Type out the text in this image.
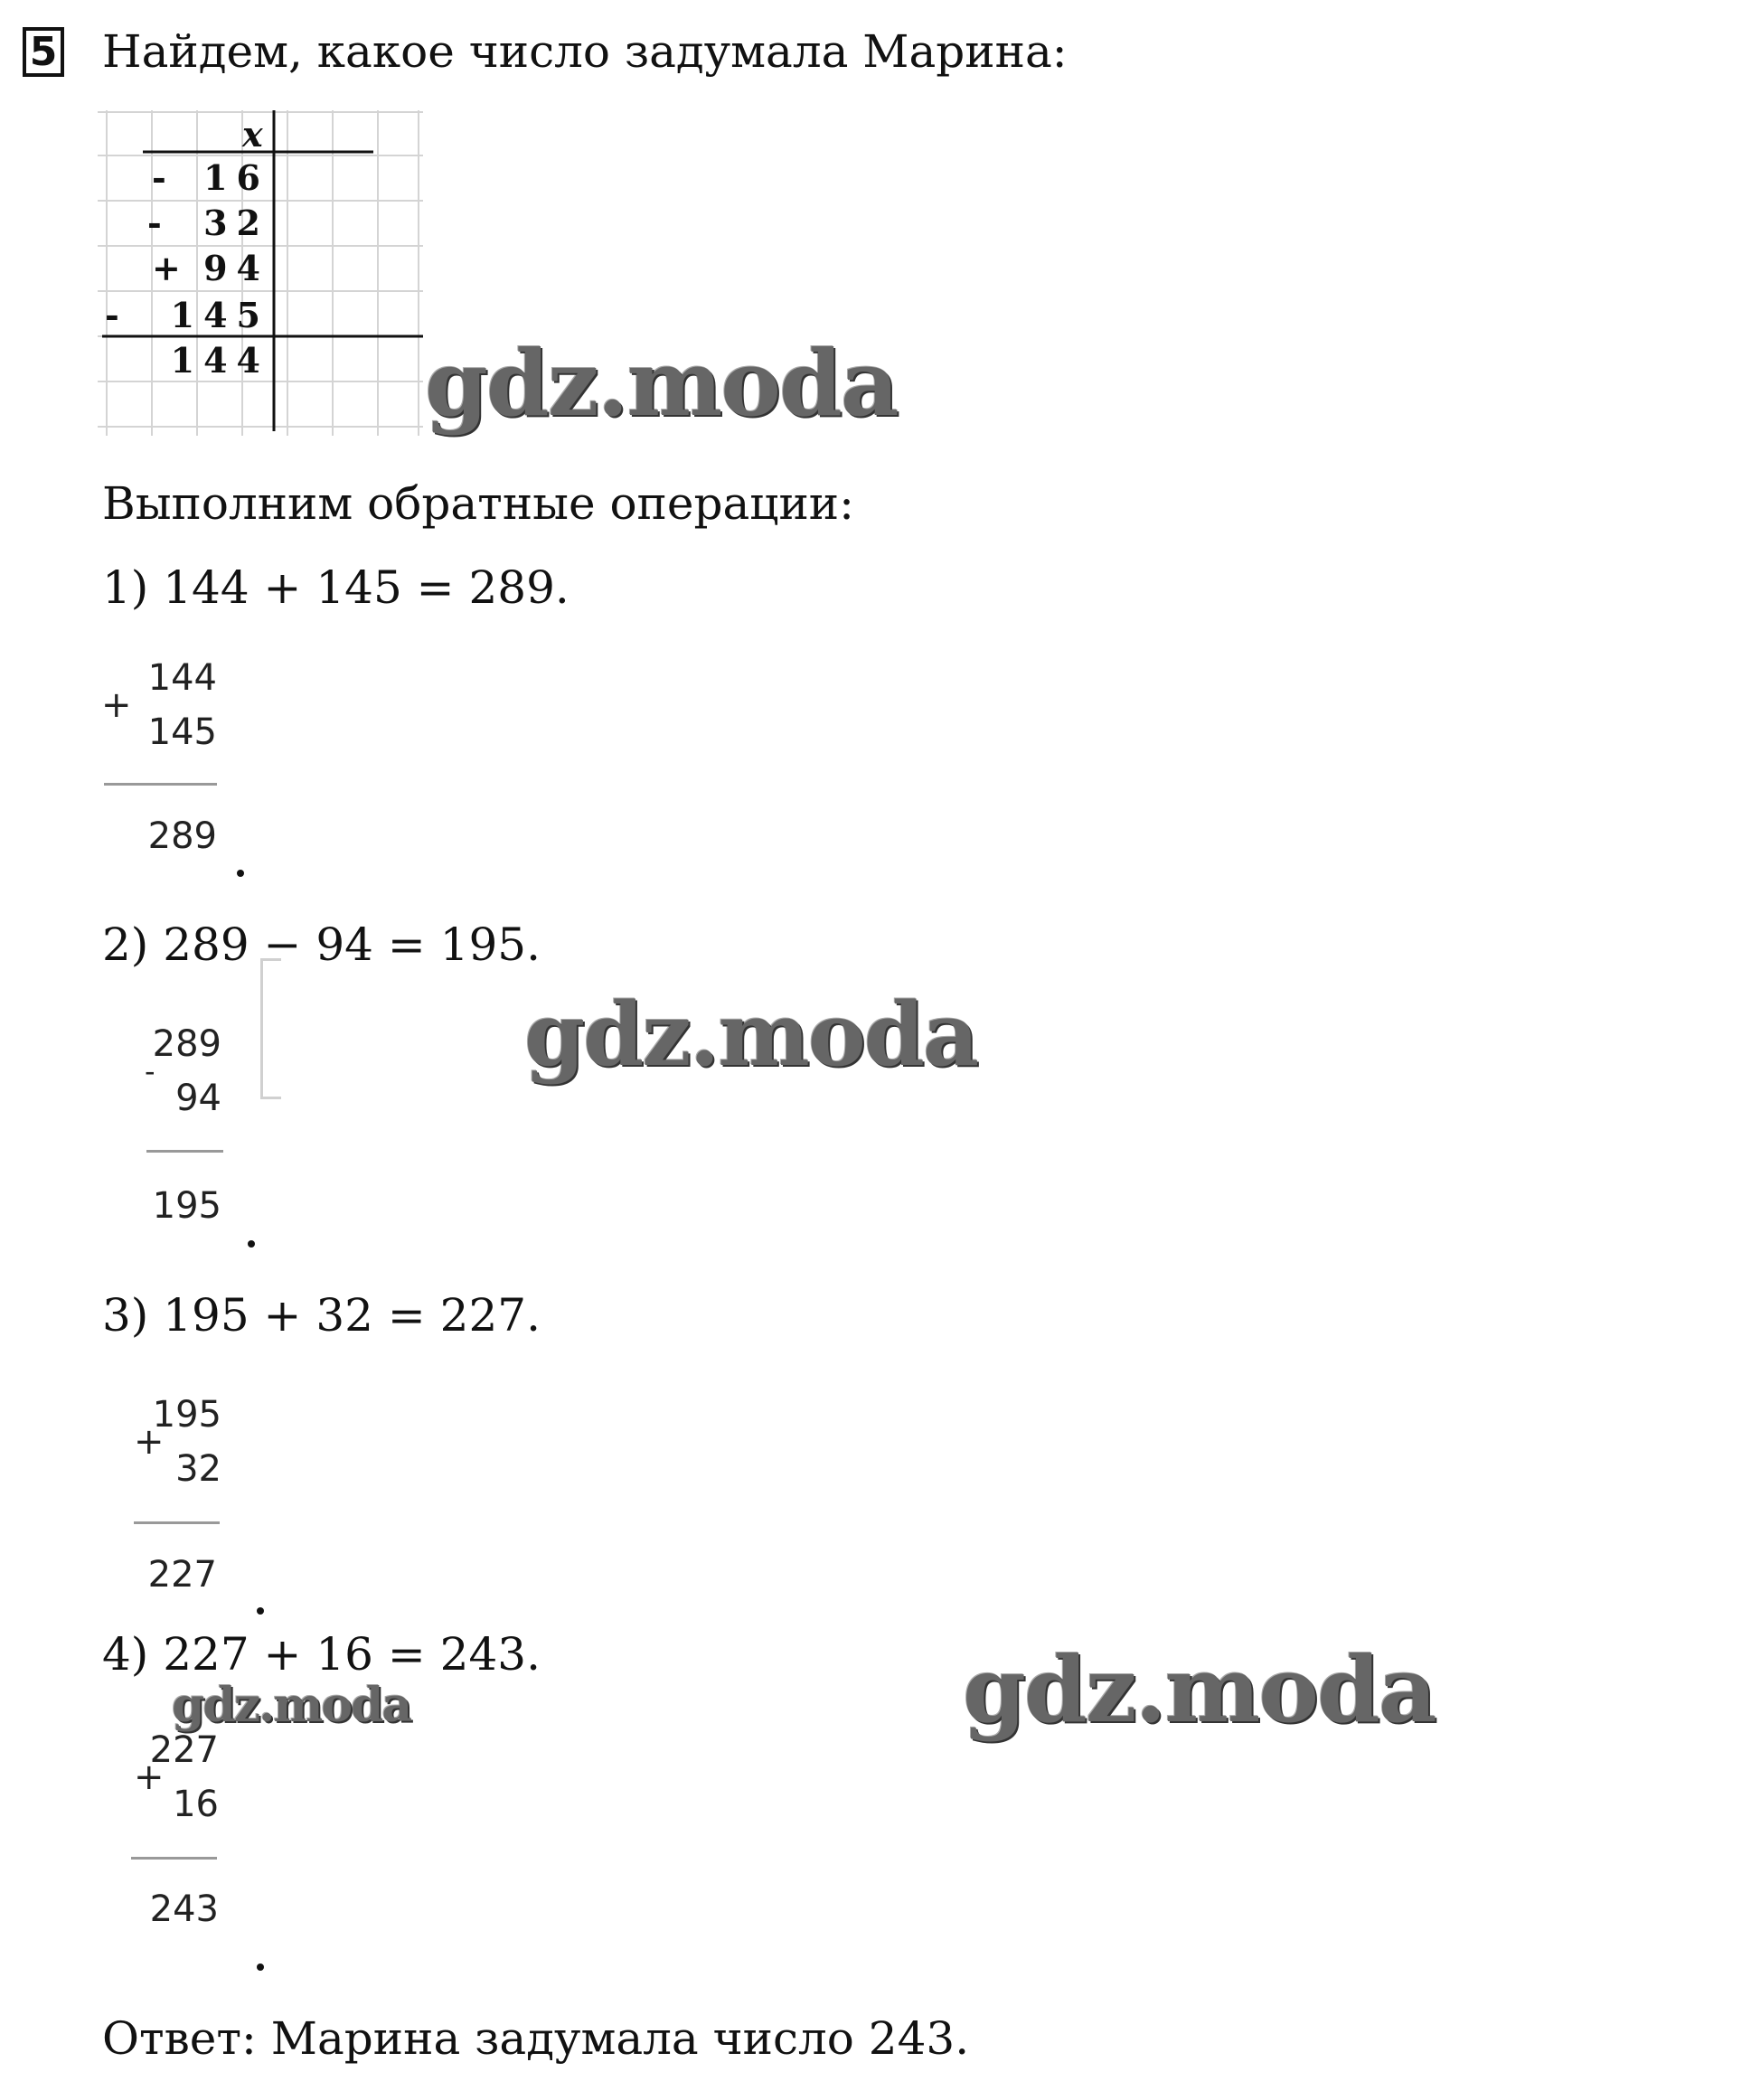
5 Найдем, какое число задумала Марина:
x
- 16
- 32
+ 94
- 145
144 gdz.moda
Выполним обратные операции:
1) 144 + 145 = 289.
+
144
145
289
2) 289 − 94 = 195.
-
289
94
195
gdz.moda
3) 195 + 32 = 227.
+
195
32
227
4) 227 + 16 = 243.
gdz.moda
+
227
16
243
gdz.moda
Ответ: Марина задумала число 243.
